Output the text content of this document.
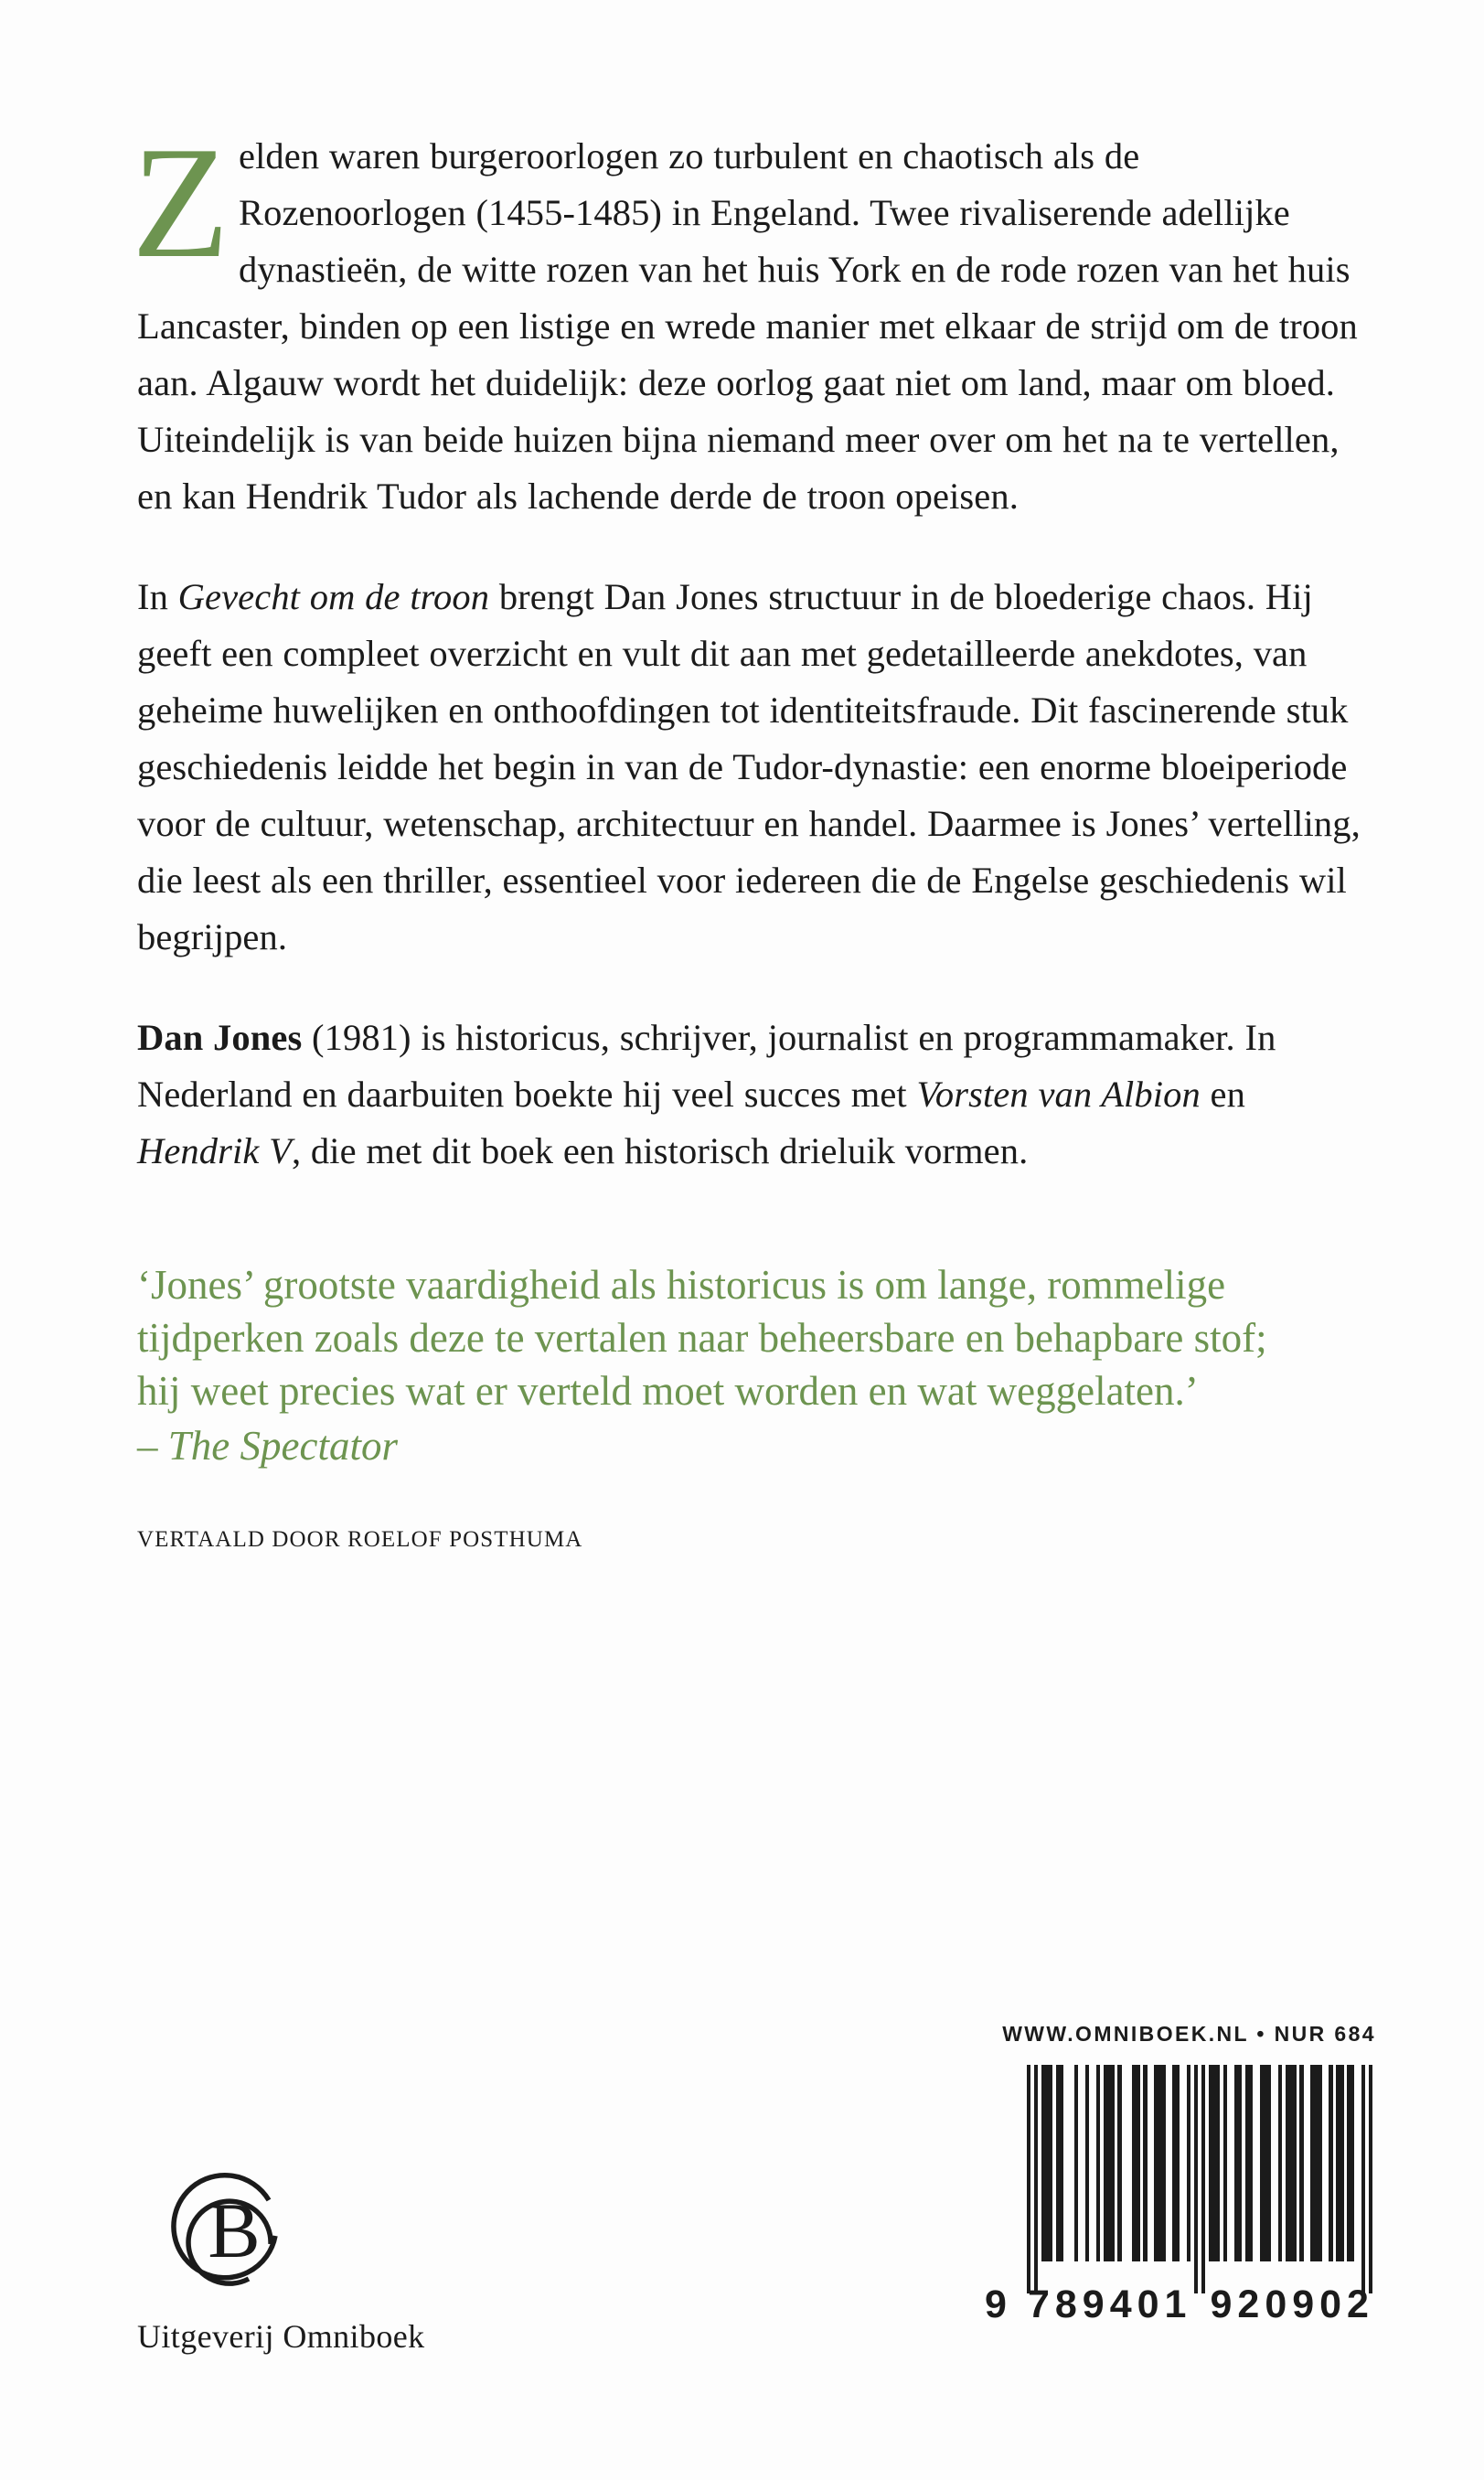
Zelden waren burgeroorlogen zo turbulent en chaotisch als de Rozenoorlogen (1455-1485) in Engeland. Twee rivaliserende adellijke dynastieën, de witte rozen van het huis York en de rode rozen van het huis Lancaster, binden op een listige en wrede manier met elkaar de strijd om de troon aan. Algauw wordt het duidelijk: deze oorlog gaat niet om land, maar om bloed. Uiteindelijk is van beide huizen bijna niemand meer over om het na te vertellen, en kan Hendrik Tudor als lachende derde de troon opeisen.

In Gevecht om de troon brengt Dan Jones structuur in de bloederige chaos. Hij geeft een compleet overzicht en vult dit aan met gedetailleerde anekdotes, van geheime huwelijken en onthoofdingen tot identiteitsfraude. Dit fascinerende stuk geschiedenis leidde het begin in van de Tudor-dynastie: een enorme bloeiperiode voor de cultuur, wetenschap, architectuur en handel. Daarmee is Jones’ vertelling, die leest als een thriller, essentieel voor iedereen die de Engelse geschiedenis wil begrijpen.

Dan Jones (1981) is historicus, schrijver, journalist en programmamaker. In Nederland en daarbuiten boekte hij veel succes met Vorsten van Albion en Hendrik V, die met dit boek een historisch drieluik vormen.

‘Jones’ grootste vaardigheid als historicus is om lange, rommelige tijdperken zoals deze te vertalen naar beheersbare en behapbare stof; hij weet precies wat er verteld moet worden en wat weggelaten.’

– The Spectator

VERTAALD DOOR ROELOF POSTHUMA
WWW.OMNIBOEK.NL • NUR 684
9 789401 920902
B
Uitgeverij Omniboek
